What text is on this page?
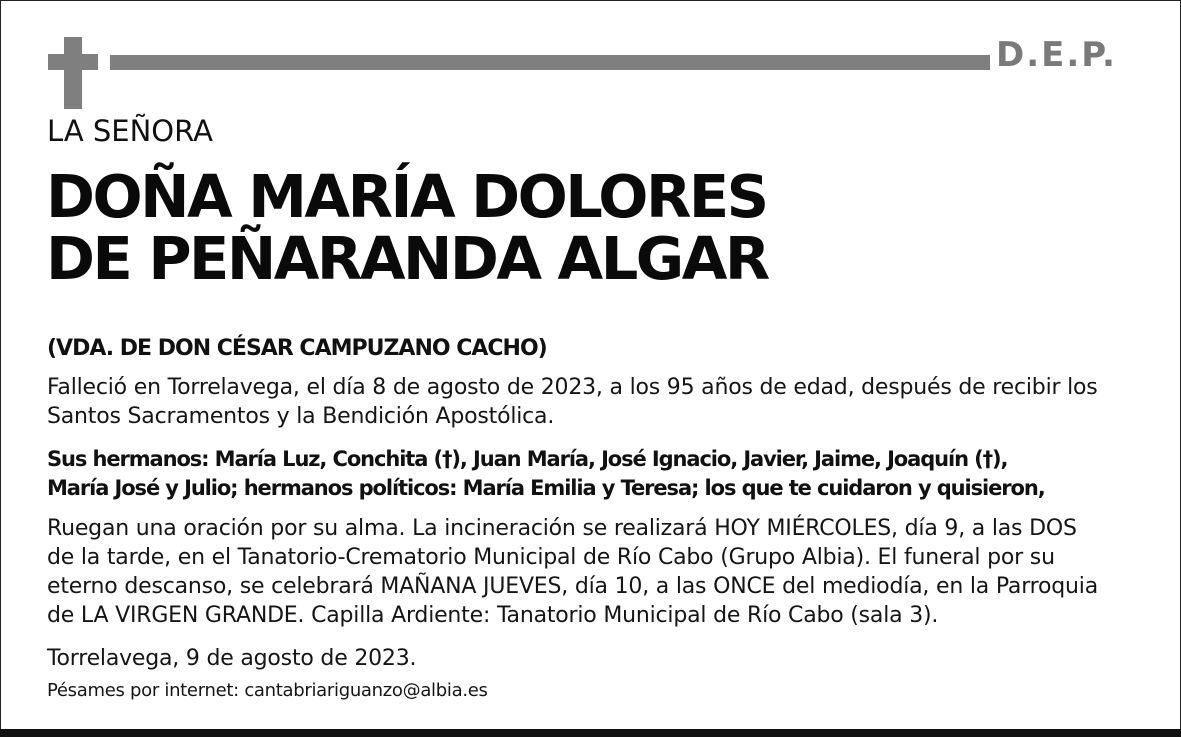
D.E.P.
LA SEÑORA
DOÑA MARÍA DOLORES
DE PEÑARANDA ALGAR
(VDA. DE DON CÉSAR CAMPUZANO CACHO)
Falleció en Torrelavega, el día 8 de agosto de 2023, a los 95 años de edad, después de recibir los
Santos Sacramentos y la Bendición Apostólica.
Sus hermanos: María Luz, Conchita (†), Juan María, José Ignacio, Javier, Jaime, Joaquín (†),
María José y Julio; hermanos políticos: María Emilia y Teresa; los que te cuidaron y quisieron,
Ruegan una oración por su alma. La incineración se realizará HOY MIÉRCOLES, día 9, a las DOS
de la tarde, en el Tanatorio-Crematorio Municipal de Río Cabo (Grupo Albia). El funeral por su
eterno descanso, se celebrará MAÑANA JUEVES, día 10, a las ONCE del mediodía, en la Parroquia
de LA VIRGEN GRANDE. Capilla Ardiente: Tanatorio Municipal de Río Cabo (sala 3).
Torrelavega, 9 de agosto de 2023.
Pésames por internet: cantabriariguanzo@albia.es
